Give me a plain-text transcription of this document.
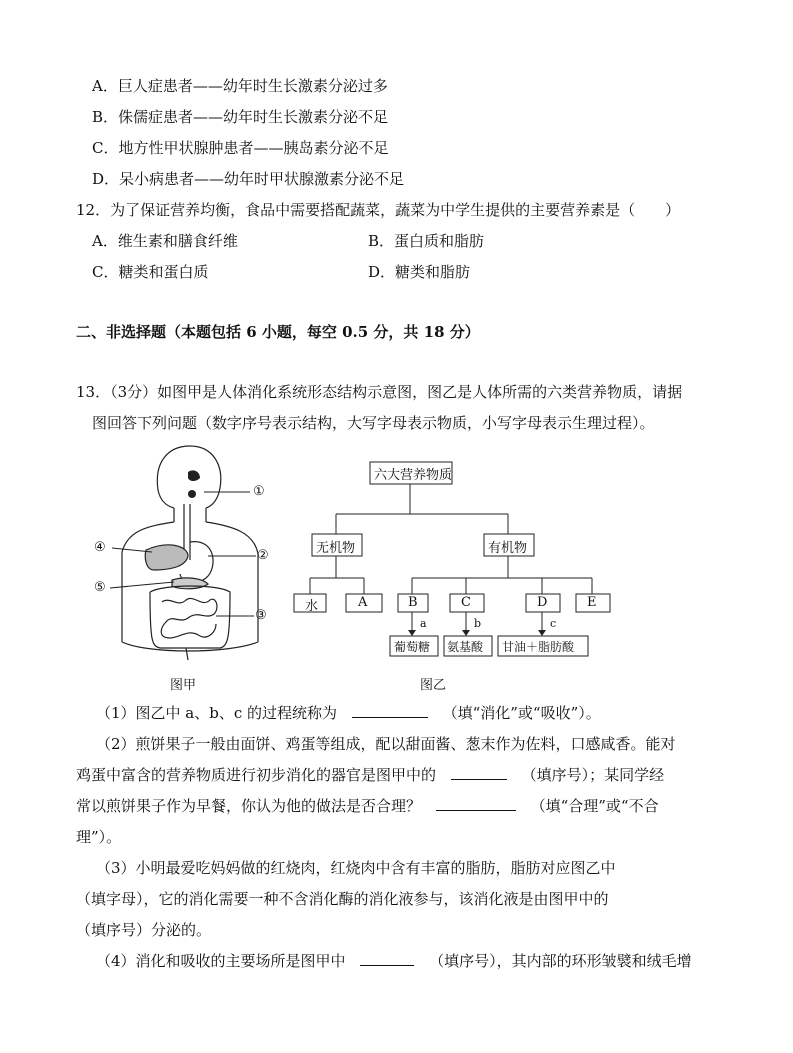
A．巨人症患者——幼年时生长激素分泌过多
B．侏儒症患者——幼年时生长激素分泌不足
C．地方性甲状腺肿患者——胰岛素分泌不足
D．呆小病患者——幼年时甲状腺激素分泌不足
12．为了保证营养均衡，食品中需要搭配蔬菜，蔬菜为中学生提供的主要营养素是（　　）
A．维生素和膳食纤维	B．蛋白质和脂肪
C．糖类和蛋白质	D．糖类和脂肪
二、非选择题（本题包括 6 小题，每空 0.5 分，共 18 分）
13．（3分）如图甲是人体消化系统形态结构示意图，图乙是人体所需的六类营养物质，请据
图回答下列问题（数字序号表示结构，大写字母表示物质，小写字母表示生理过程）。
①
②
③
④
⑤
图甲
六大营养物质
无机物	有机物
水	A	B	C	D	E
a	b	c
葡萄糖 氨基酸 甘油＋脂肪酸
图乙
（1）图乙中 a、b、c 的过程统称为	（填“消化”或“吸收”）。
（2）煎饼果子一般由面饼、鸡蛋等组成，配以甜面酱、葱末作为佐料，口感咸香。能对
鸡蛋中富含的营养物质进行初步消化的器官是图甲中的	（填序号）；某同学经
常以煎饼果子作为早餐，你认为他的做法是否合理？	（填“合理”或“不合
理”）。
（3）小明最爱吃妈妈做的红烧肉，红烧肉中含有丰富的脂肪，脂肪对应图乙中
（填字母），它的消化需要一种不含消化酶的消化液参与，该消化液是由图甲中的
（填序号）分泌的。
（4）消化和吸收的主要场所是图甲中	（填序号），其内部的环形皱襞和绒毛增
